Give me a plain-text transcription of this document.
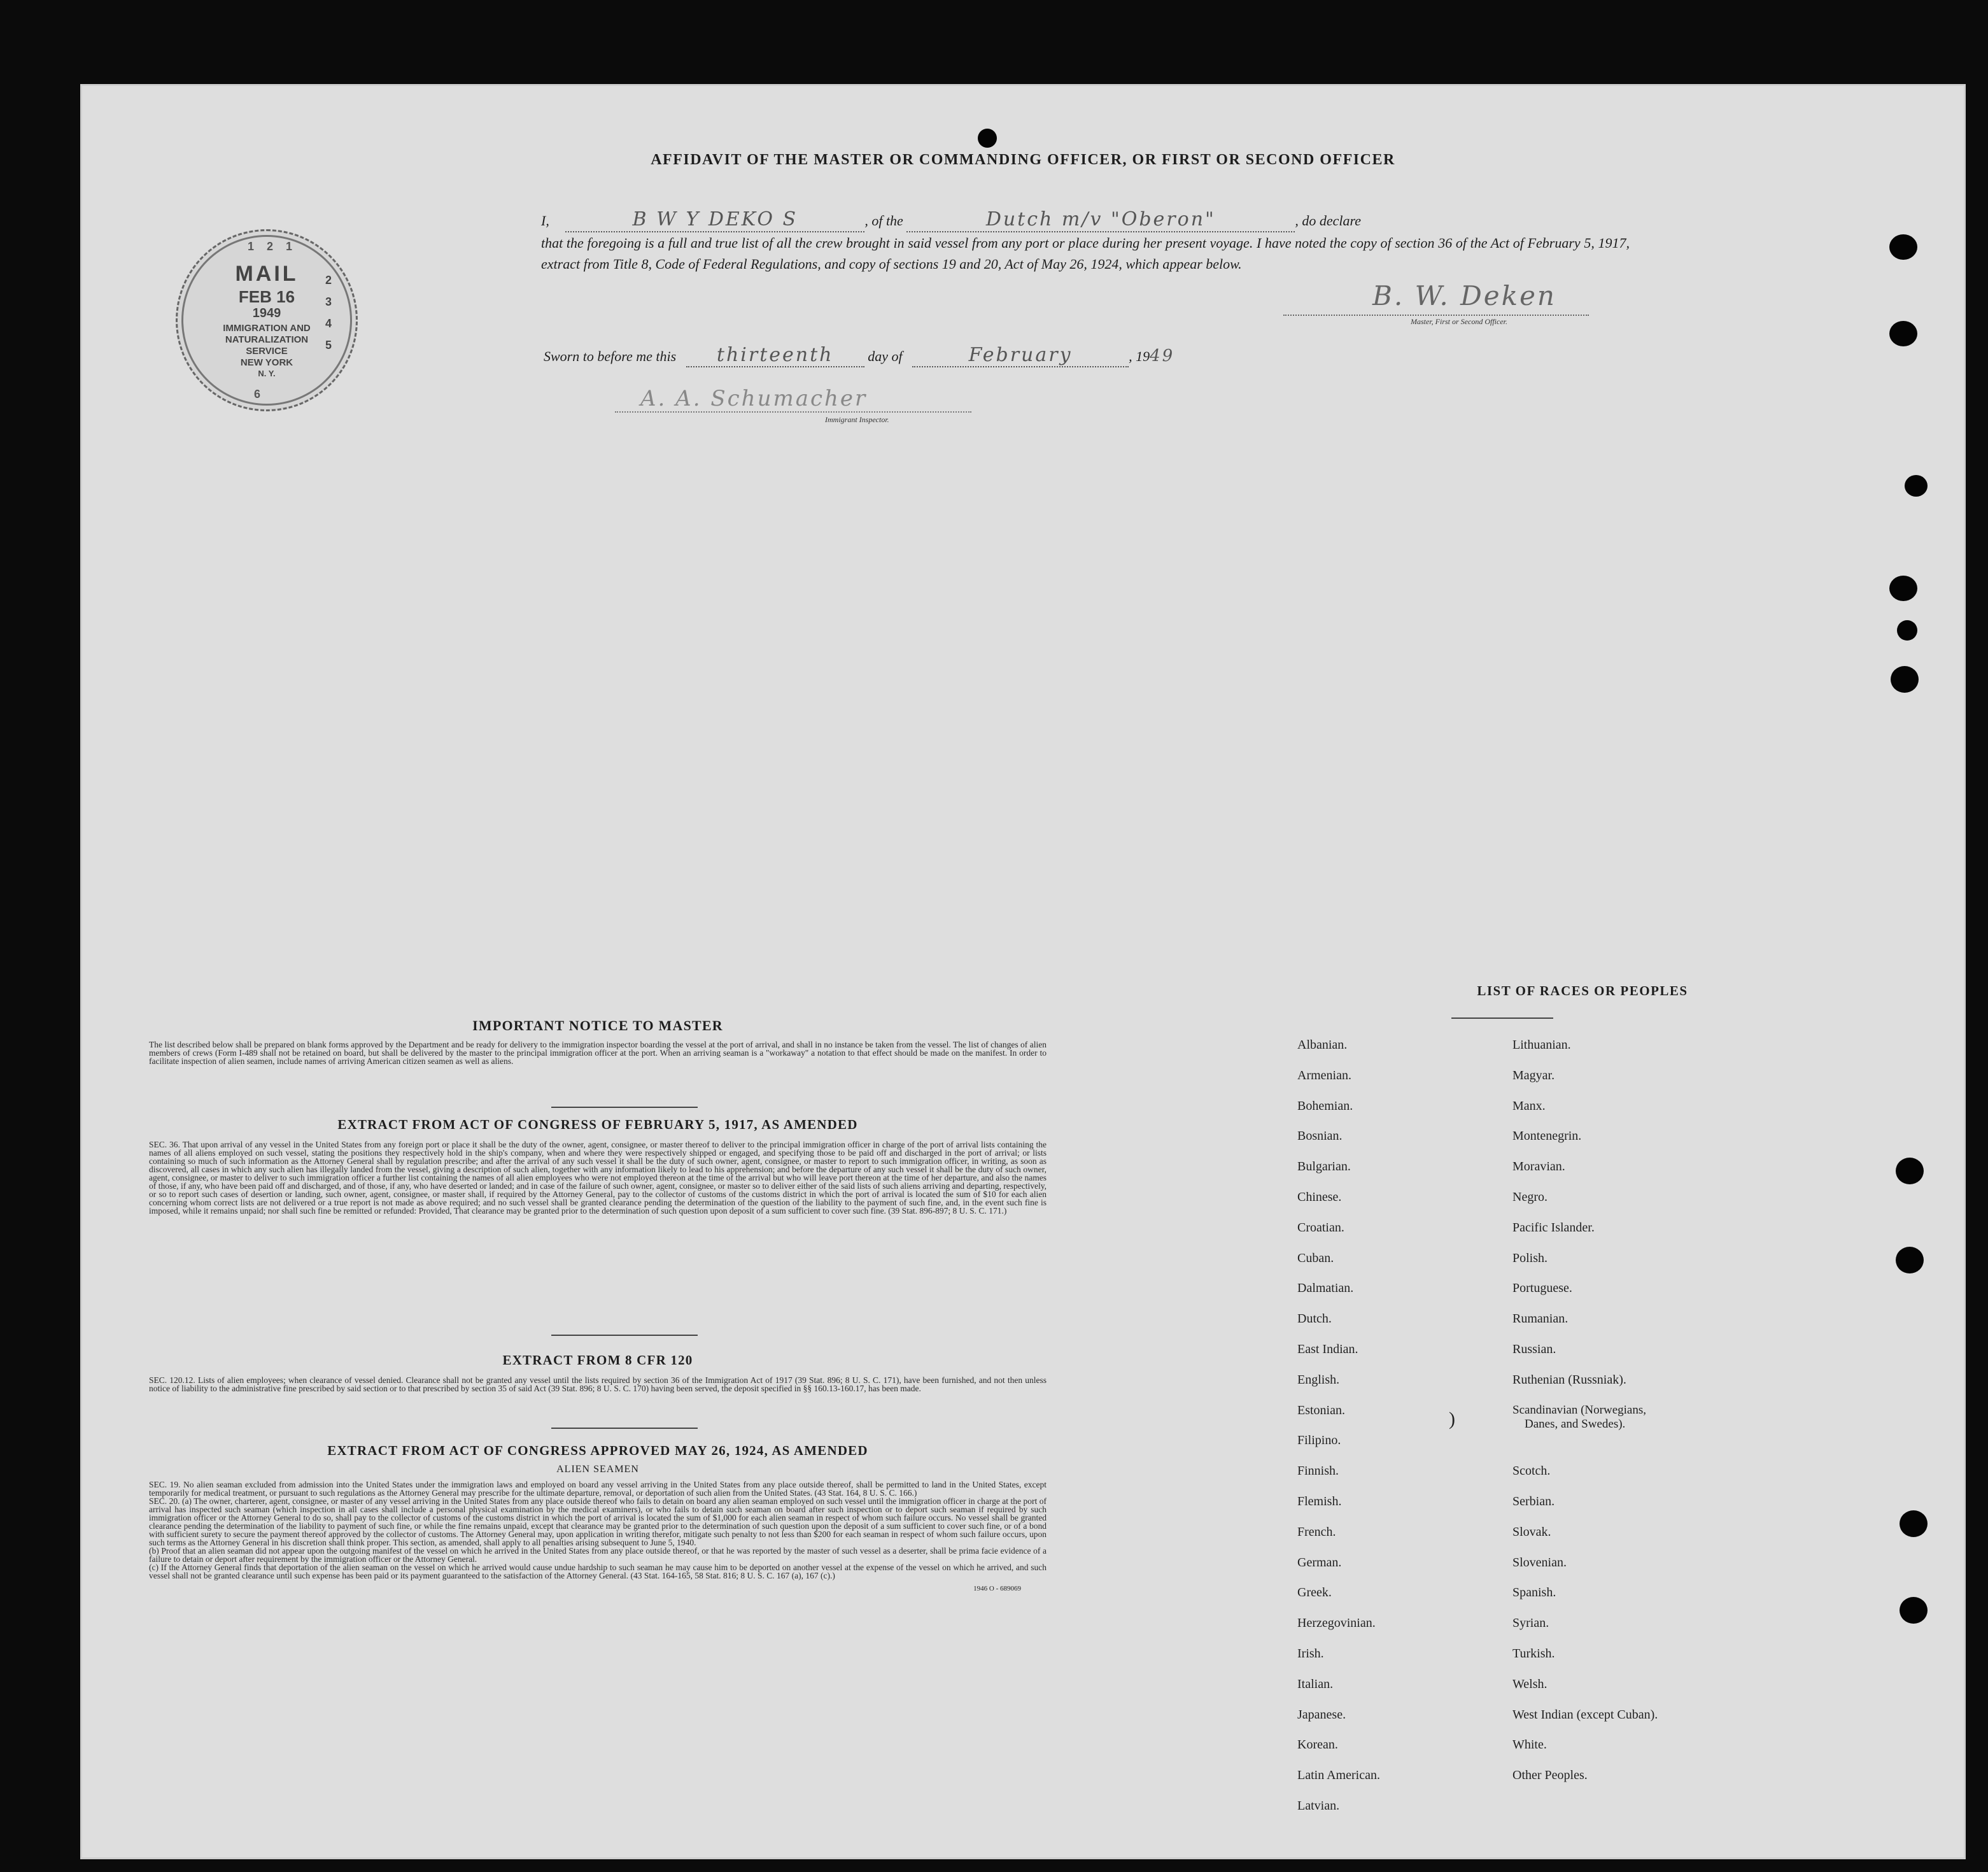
AFFIDAVIT OF THE MASTER OR COMMANDING OFFICER, OR FIRST OR SECOND OFFICER
I,	B W Y DEKO S	, of the	Dutch m/v "Oberon"	, do declare
that the foregoing is a full and true list of all the crew brought in said vessel from any port or place during her present voyage. I have noted the copy of section 36 of the Act of February 5, 1917, extract from Title 8, Code of Federal Regulations, and copy of sections 19 and 20, Act of May 26, 1924, which appear below.
B. W. Deken
Master, First or Second Officer.
Sworn to before me this thirteenth day of	February	, 1949
A. A. Schumacher
Immigrant Inspector.
MAIL
FEB 16
1949
IMMIGRATION AND
NATURALIZATION
SERVICE
NEW YORK
N. Y.
2
3
4
5
121
6
IMPORTANT NOTICE TO MASTER
The list described below shall be prepared on blank forms approved by the Department and be ready for delivery to the immigration inspector boarding the vessel at the port of arrival, and shall in no instance be taken from the vessel. The list of changes of alien members of crews (Form I-489 shall not be retained on board, but shall be delivered by the master to the principal immigration officer at the port. When an arriving seaman is a "workaway" a notation to that effect should be made on the manifest. In order to facilitate inspection of alien seamen, include names of arriving American citizen seamen as well as aliens.
EXTRACT FROM ACT OF CONGRESS OF FEBRUARY 5, 1917, AS AMENDED
SEC. 36. That upon arrival of any vessel in the United States from any foreign port or place it shall be the duty of the owner, agent, consignee, or master thereof to deliver to the principal immigration officer in charge of the port of arrival lists containing the names of all aliens employed on such vessel, stating the positions they respectively hold in the ship's company, when and where they were respectively shipped or engaged, and specifying those to be paid off and discharged in the port of arrival; or lists containing so much of such information as the Attorney General shall by regulation prescribe; and after the arrival of any such vessel it shall be the duty of such owner, agent, consignee, or master to report to such immigration officer, in writing, as soon as discovered, all cases in which any such alien has illegally landed from the vessel, giving a description of such alien, together with any information likely to lead to his apprehension; and before the departure of any such vessel it shall be the duty of such owner, agent, consignee, or master to deliver to such immigration officer a further list containing the names of all alien employees who were not employed thereon at the time of the arrival but who will leave port thereon at the time of her departure, and also the names of those, if any, who have been paid off and discharged, and of those, if any, who have deserted or landed; and in case of the failure of such owner, agent, consignee, or master so to deliver either of the said lists of such aliens arriving and departing, respectively, or so to report such cases of desertion or landing, such owner, agent, consignee, or master shall, if required by the Attorney General, pay to the collector of customs of the customs district in which the port of arrival is located the sum of $10 for each alien concerning whom correct lists are not delivered or a true report is not made as above required; and no such vessel shall be granted clearance pending the determination of the question of the liability to the payment of such fine, and, in the event such fine is imposed, while it remains unpaid; nor shall such fine be remitted or refunded: Provided, That clearance may be granted prior to the determination of such question upon deposit of a sum sufficient to cover such fine. (39 Stat. 896-897; 8 U. S. C. 171.)
EXTRACT FROM 8 CFR 120
SEC. 120.12. Lists of alien employees; when clearance of vessel denied. Clearance shall not be granted any vessel until the lists required by section 36 of the Immigration Act of 1917 (39 Stat. 896; 8 U. S. C. 171), have been furnished, and not then unless notice of liability to the administrative fine prescribed by said section or to that prescribed by section 35 of said Act (39 Stat. 896; 8 U. S. C. 170) having been served, the deposit specified in §§ 160.13-160.17, has been made.
EXTRACT FROM ACT OF CONGRESS APPROVED MAY 26, 1924, AS AMENDED
ALIEN SEAMEN
SEC. 19. No alien seaman excluded from admission into the United States under the immigration laws and employed on board any vessel arriving in the United States from any place outside thereof, shall be permitted to land in the United States, except temporarily for medical treatment, or pursuant to such regulations as the Attorney General may prescribe for the ultimate departure, removal, or deportation of such alien from the United States. (43 Stat. 164, 8 U. S. C. 166.)
SEC. 20. (a) The owner, charterer, agent, consignee, or master of any vessel arriving in the United States from any place outside thereof who fails to detain on board any alien seaman employed on such vessel until the immigration officer in charge at the port of arrival has inspected such seaman (which inspection in all cases shall include a personal physical examination by the medical examiners), or who fails to detain such seaman on board after such inspection or to deport such seaman if required by such immigration officer or the Attorney General to do so, shall pay to the collector of customs of the customs district in which the port of arrival is located the sum of $1,000 for each alien seaman in respect of whom such failure occurs. No vessel shall be granted clearance pending the determination of the liability to payment of such fine, or while the fine remains unpaid, except that clearance may be granted prior to the determination of such question upon the deposit of a sum sufficient to cover such fine, or of a bond with sufficient surety to secure the payment thereof approved by the collector of customs. The Attorney General may, upon application in writing therefor, mitigate such penalty to not less than $200 for each seaman in respect of whom such failure occurs, upon such terms as the Attorney General in his discretion shall think proper. This section, as amended, shall apply to all penalties arising subsequent to June 5, 1940.
(b) Proof that an alien seaman did not appear upon the outgoing manifest of the vessel on which he arrived in the United States from any place outside thereof, or that he was reported by the master of such vessel as a deserter, shall be prima facie evidence of a failure to detain or deport after requirement by the immigration officer or the Attorney General.
(c) If the Attorney General finds that deportation of the alien seaman on the vessel on which he arrived would cause undue hardship to such seaman he may cause him to be deported on another vessel at the expense of the vessel on which he arrived, and such vessel shall not be granted clearance until such expense has been paid or its payment guaranteed to the satisfaction of the Attorney General. (43 Stat. 164-165, 58 Stat. 816; 8 U. S. C. 167 (a), 167 (c).)
1946 O - 689069
LIST OF RACES OR PEOPLES
Albanian.
Armenian.
Bohemian.
Bosnian.
Bulgarian.
Chinese.
Croatian.
Cuban.
Dalmatian.
Dutch.
East Indian.
English.
Estonian.
Filipino.
Finnish.
Flemish.
French.
German.
Greek.
Herzegovinian.
Irish.
Italian.
Japanese.
Korean.
Latin American.
Latvian.
Lithuanian.
Magyar.
Manx.
Montenegrin.
Moravian.
Negro.
Pacific Islander.
Polish.
Portuguese.
Rumanian.
Russian.
Ruthenian (Russniak).
Scandinavian (Norwegians,
Danes, and Swedes).
Scotch.
Serbian.
Slovak.
Slovenian.
Spanish.
Syrian.
Turkish.
Welsh.
West Indian (except Cuban).
White.
Other Peoples.
)
